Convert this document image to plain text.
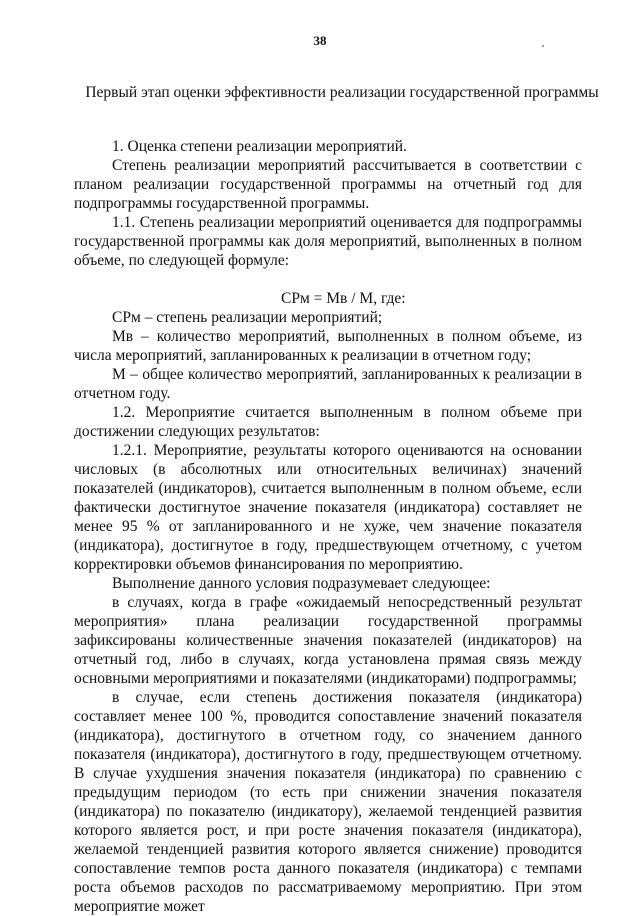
38
Первый этап оценки эффективности реализации государственной программы

1. Оценка степени реализации мероприятий.

Степень реализации мероприятий рассчитывается в соответствии с планом реализации государственной программы на отчетный год для подпрограммы государственной программы.

1.1. Степень реализации мероприятий оценивается для подпрограммы государственной программы как доля мероприятий, выполненных в полном объеме, по следующей формуле:

СРм = Мв / М, где:

СРм – степень реализации мероприятий;

Мв – количество мероприятий, выполненных в полном объеме, из числа мероприятий, запланированных к реализации в отчетном году;

М – общее количество мероприятий, запланированных к реализации в отчетном году.

1.2. Мероприятие считается выполненным в полном объеме при достижении следующих результатов:

1.2.1. Мероприятие, результаты которого оцениваются на основании числовых (в абсолютных или относительных величинах) значений показателей (индикаторов), считается выполненным в полном объеме, если фактически достигнутое значение показателя (индикатора) составляет не менее 95 % от запланированного и не хуже, чем значение показателя (индикатора), достигнутое в году, предшествующем отчетному, с учетом корректировки объемов финансирования по мероприятию.

Выполнение данного условия подразумевает следующее:

в случаях, когда в графе «ожидаемый непосредственный результат мероприятия» плана реализации государственной программы зафиксированы количественные значения показателей (индикаторов) на отчетный год, либо в случаях, когда установлена прямая связь между основными мероприятиями и показателями (индикаторами) подпрограммы;

в случае, если степень достижения показателя (индикатора) составляет менее 100 %, проводится сопоставление значений показателя (индикатора), достигнутого в отчетном году, со значением данного показателя (индикатора), достигнутого в году, предшествующем отчетному. В случае ухудшения значения показателя (индикатора) по сравнению с предыдущим периодом (то есть при снижении значения показателя (индикатора) по показателю (индикатору), желаемой тенденцией развития которого является рост, и при росте значения показателя (индикатора), желаемой тенденцией развития которого является снижение) проводится сопоставление темпов роста данного показателя (индикатора) с темпами роста объемов расходов по рассматриваемому мероприятию. При этом мероприятие может
